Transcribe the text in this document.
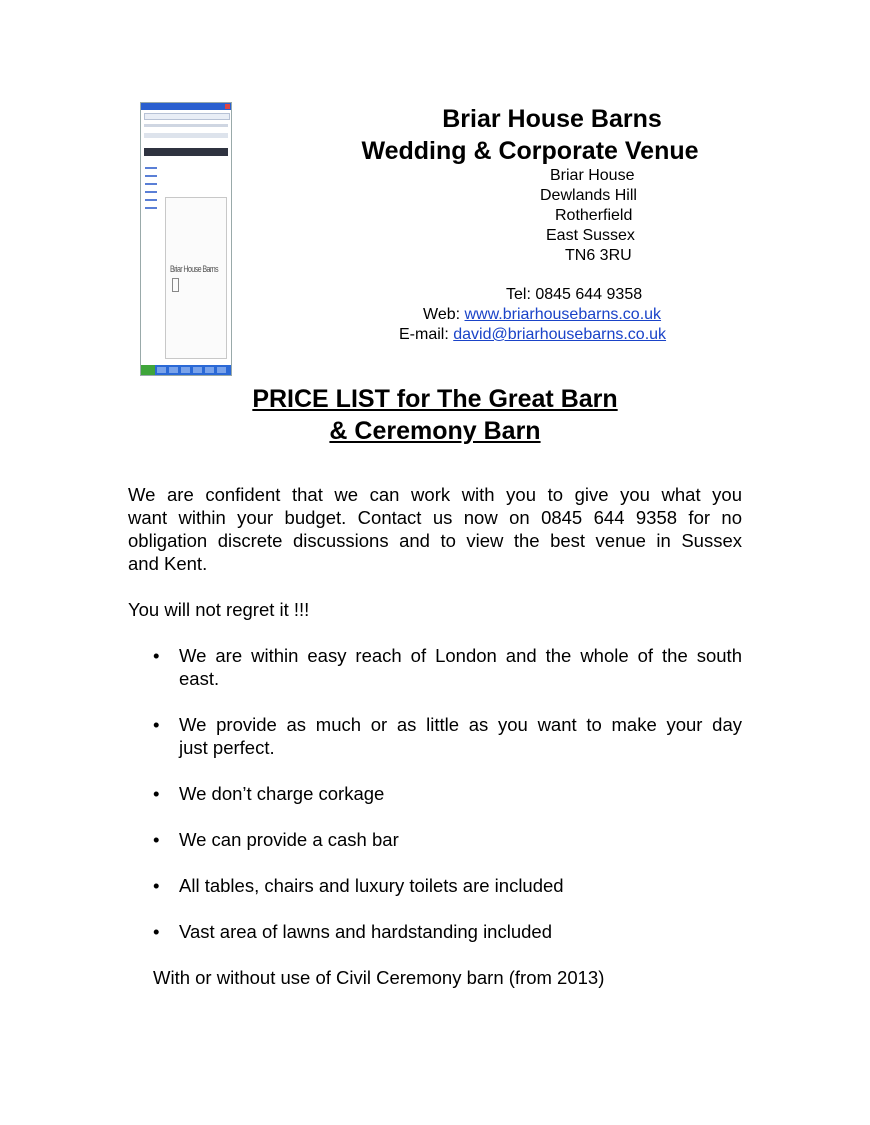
Briar House Barns
Briar House Barns
Wedding & Corporate Venue
Briar House
Dewlands Hill
Rotherfield
East Sussex
TN6 3RU
Tel: 0845 644 9358
Web: www.briarhousebarns.co.uk
E-mail: david@briarhousebarns.co.uk
PRICE LIST for The Great Barn
& Ceremony Barn
We are confident that we can work with you to give you what you
want within your budget. Contact us now on 0845 644 9358 for no
obligation discrete discussions and to view the best venue in Sussex
and Kent.
You will not regret it !!!
• We are within easy reach of London and the whole of the south
east.
• We provide as much or as little as you want to make your day
just perfect.
• We don’t charge corkage
• We can provide a cash bar
• All tables, chairs and luxury toilets are included
• Vast area of lawns and hardstanding included
With or without use of Civil Ceremony barn (from 2013)
